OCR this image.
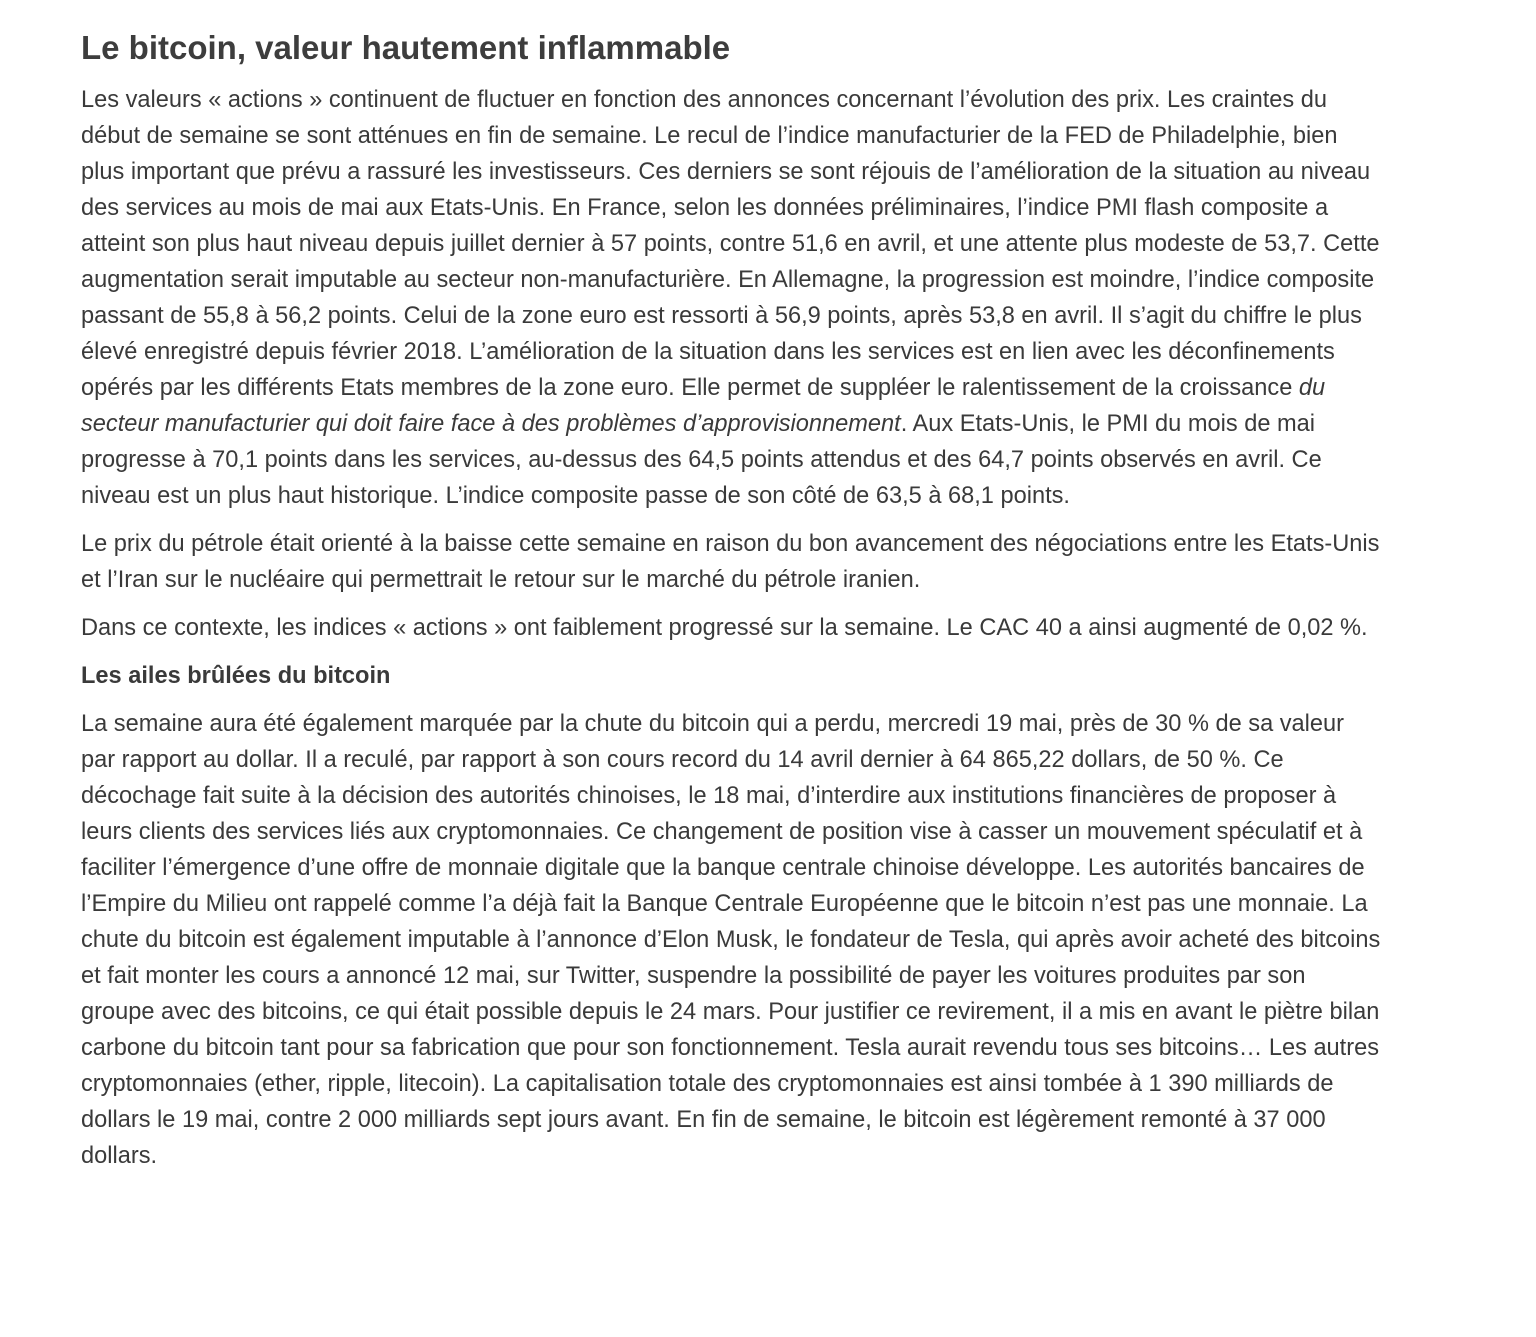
Le bitcoin, valeur hautement inflammable

Les valeurs « actions » continuent de fluctuer en fonction des annonces concernant l’évolution des prix. Les craintes du début de semaine se sont atténues en fin de semaine. Le recul de l’indice manufacturier de la FED de Philadelphie, bien plus important que prévu a rassuré les investisseurs. Ces derniers se sont réjouis de l’amélioration de la situation au niveau des services au mois de mai aux Etats-Unis. En France, selon les données préliminaires, l’indice PMI flash composite a atteint son plus haut niveau depuis juillet dernier à 57 points, contre 51,6 en avril, et une attente plus modeste de 53,7. Cette augmentation serait imputable au secteur non-manufacturière. En Allemagne, la progression est moindre, l’indice composite passant de 55,8 à 56,2 points. Celui de la zone euro est ressorti à 56,9 points, après 53,8 en avril. Il s’agit du chiffre le plus élevé enregistré depuis février 2018. L’amélioration de la situation dans les services est en lien avec les déconfinements opérés par les différents Etats membres de la zone euro. Elle permet de suppléer le ralentissement de la croissance du secteur manufacturier qui doit faire face à des problèmes d’approvisionnement. Aux Etats-Unis, le PMI du mois de mai progresse à 70,1 points dans les services, au-dessus des 64,5 points attendus et des 64,7 points observés en avril. Ce niveau est un plus haut historique. L’indice composite passe de son côté de 63,5 à 68,1 points.

Le prix du pétrole était orienté à la baisse cette semaine en raison du bon avancement des négociations entre les Etats-Unis et l’Iran sur le nucléaire qui permettrait le retour sur le marché du pétrole iranien.

Dans ce contexte, les indices « actions » ont faiblement progressé sur la semaine. Le CAC 40 a ainsi augmenté de 0,02 %.

Les ailes brûlées du bitcoin

La semaine aura été également marquée par la chute du bitcoin qui a perdu, mercredi 19 mai, près de 30 % de sa valeur par rapport au dollar. Il a reculé, par rapport à son cours record du 14 avril dernier à 64 865,22 dollars, de 50 %. Ce décochage fait suite à la décision des autorités chinoises, le 18 mai, d’interdire aux institutions financières de proposer à leurs clients des services liés aux cryptomonnaies. Ce changement de position vise à casser un mouvement spéculatif et à faciliter l’émergence d’une offre de monnaie digitale que la banque centrale chinoise développe. Les autorités bancaires de l’Empire du Milieu ont rappelé comme l’a déjà fait la Banque Centrale Européenne que le bitcoin n’est pas une monnaie. La chute du bitcoin est également imputable à l’annonce d’Elon Musk, le fondateur de Tesla, qui après avoir acheté des bitcoins et fait monter les cours a annoncé 12 mai, sur Twitter, suspendre la possibilité de payer les voitures produites par son groupe avec des bitcoins, ce qui était possible depuis le 24 mars. Pour justifier ce revirement, il a mis en avant le piètre bilan carbone du bitcoin tant pour sa fabrication que pour son fonctionnement. Tesla aurait revendu tous ses bitcoins… Les autres cryptomonnaies (ether, ripple, litecoin). La capitalisation totale des cryptomonnaies est ainsi tombée à 1 390 milliards de dollars le 19 mai, contre 2 000 milliards sept jours avant. En fin de semaine, le bitcoin est légèrement remonté à 37 000 dollars.
